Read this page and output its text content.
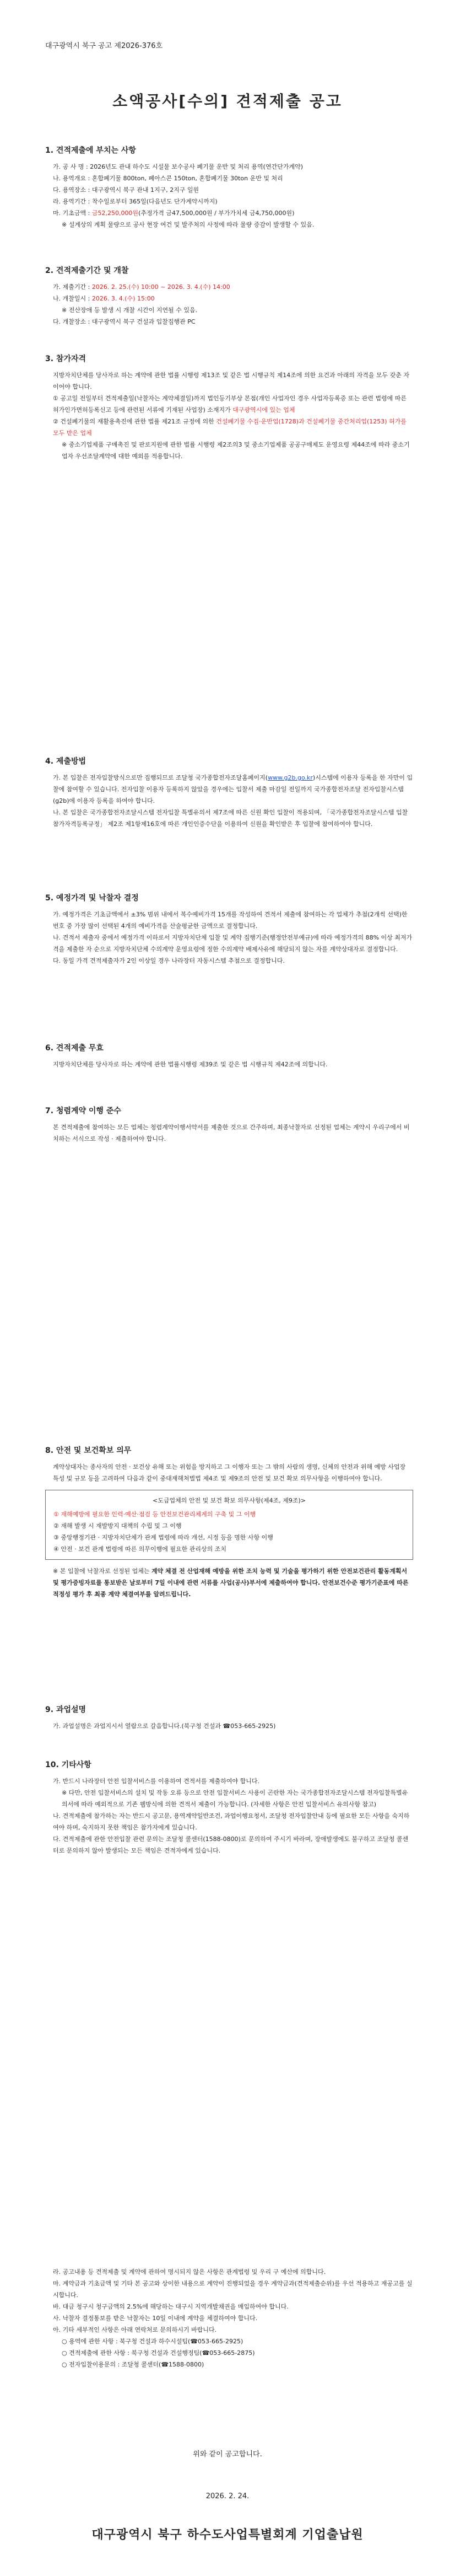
대구광역시 북구 공고 제2026-376호
소액공사[수의] 견적제출 공고
1. 견적제출에 부치는 사항

가. 공 사 명 : 2026년도 관내 하수도 시설물 보수공사 폐기물 운반 및 처리 용역(연간단가계약)

나. 용역개요 : 혼합폐기물 800ton, 폐아스콘 150ton, 혼합폐기물 30ton 운반 및 처리

다. 용역장소 : 대구광역시 북구 관내 1지구, 2지구 일원

라. 용역기간 : 착수일로부터 365일(다음년도 단가계약시까지)

마. 기초금액 : 금52,250,000원(추정가격 금47,500,000원 / 부가가치세 금4,750,000원)

※ 설계상의 계획 물량으로 공사 현장 여건 및 발주처의 사정에 따라 물량 증감이 발생할 수 있음.

2. 견적제출기간 및 개찰

가. 제출기간 : 2026. 2. 25.(수) 10:00 ~ 2026. 3. 4.(수) 14:00

나. 개찰일시 : 2026. 3. 4.(수) 15:00

※ 전산장애 등 발생 시 개찰 시간이 지연될 수 있음.

다. 개찰장소 : 대구광역시 북구 건설과 입찰집행관 PC

3. 참가자격

지방자치단체를 당사자로 하는 계약에 관한 법률 시행령 제13조 및 같은 법 시행규칙 제14조에 의한 요건과 아래의 자격을 모두 갖춘 자이어야 합니다.

① 공고일 전일부터 견적제출일(낙찰자는 계약체결일)까지 법인등기부상 본점(개인 사업자인 경우 사업자등록증 또는 관련 법령에 따른 허가인가면허등록신고 등에 관련된 서류에 기재된 사업장) 소재지가 대구광역시에 있는 업체

② 건설폐기물의 재활용촉진에 관한 법률 제21조 규정에 의한 건설폐기물 수집·운반업(1728)과 건설폐기물 중간처리업(1253) 허가를 모두 받은 업체

※ 중소기업제품 구매촉진 및 판로지원에 관한 법률 시행령 제2조의3 및 중소기업제품 공공구매제도 운영요령 제44조에 따라 중소기업자 우선조달계약에 대한 예외를 적용합니다.

4. 제출방법

가. 본 입찰은 전자입찰방식으로만 집행되므로 조달청 국가종합전자조달홈페이지(www.g2b.go.kr)시스템에 이용자 등록을 한 자만이 입찰에 참여할 수 있습니다. 전자입찰 이용자 등록하지 않았을 경우에는 입찰서 제출 마감일 전일까지 국가종합전자조달 전자입찰시스템(g2b)에 이용자 등록을 하여야 합니다.

나. 본 입찰은 국가종합전자조달시스템 전자입찰 특별유의서 제7조에 따른 신원 확인 입찰이 적용되며, 「국가종합전자조달시스템 입찰참가자격등록규정」 제2조 제1항제16호에 따른 개인인증수단을 이용하여 신원을 확인받은 후 입찰에 참여하여야 합니다.

5. 예정가격 및 낙찰자 결정

가. 예정가격은 기초금액에서 ±3% 범위 내에서 복수예비가격 15개를 작성하여 견적서 제출에 참여하는 각 업체가 추첨(2개씩 선택)한 번호 중 가장 많이 선택된 4개의 예비가격을 산술평균한 금액으로 결정합니다.

나. 견적서 제출자 중에서 예정가격 이하로서 지방자치단체 입찰 및 계약 집행기준(행정안전부예규)에 따라 예정가격의 88% 이상 최저가격을 제출한 자 순으로 지방자치단체 수의계약 운영요령에 정한 수의계약 배제사유에 해당되지 않는 자를 계약상대자로 결정합니다.

다. 동일 가격 견적제출자가 2인 이상일 경우 나라장터 자동시스템 추첨으로 결정합니다.

6. 견적제출 무효

지방자치단체를 당사자로 하는 계약에 관한 법률시행령 제39조 및 같은 법 시행규칙 제42조에 의합니다.

7. 청렴계약 이행 준수

본 견적제출에 참여하는 모든 업체는 청렴계약이행서약서를 제출한 것으로 간주하며, 최종낙찰자로 선정된 업체는 계약시 우리구에서 비치하는 서식으로 작성 · 제출하여야 합니다.

8. 안전 및 보건확보 의무

계약상대자는 종사자의 안전 · 보건상 유해 또는 위험을 방지하고 그 이행자 또는 그 밖의 사람의 생명, 신체의 안전과 위해 예방 사업장 특성 및 규모 등을 고려하여 다음과 같이 중대재해처벌법 제4조 및 제9조의 안전 및 보건 확보 의무사항을 이행하여야 합니다.

<도급업체의 안전 및 보건 확보 의무사항(제4조, 제9조)>

① 재해예방에 필요한 인력·예산·점검 등 안전보건관리체계의 구축 및 그 이행

② 재해 발생 시 재발방지 대책의 수립 및 그 이행

③ 중앙행정기관 · 지방자치단체가 관계 법령에 따라 개선, 시정 등을 명한 사항 이행

④ 안전 · 보건 관계 법령에 따른 의무이행에 필요한 관리상의 조치

※ 본 입찰에 낙찰자로 선정된 업체는 계약 체결 전 산업재해 예방을 위한 조치 능력 및 기술을 평가하기 위한 안전보건관리 활동계획서 및 평가증빙자료를 통보받은 날로부터 7일 이내에 관련 서류를 사업(공사)부서에 제출하여야 합니다. 안전보건수준 평가기준표에 따른 적정성 평가 후 최종 계약 체결여부를 알려드립니다.

9. 과업설명

가. 과업설명은 과업지시서 열람으로 갈음합니다.(북구청 건설과 ☎053-665-2925)

10. 기타사항

가. 반드시 나라장터 안전 입찰서비스를 이용하여 견적서를 제출하여야 합니다.

※ 다만, 안전 입찰서비스의 설치 및 작동 오류 등으로 안전 입찰서비스 사용이 곤란한 자는 국가종합전자조달시스템 전자입찰특별유의서에 따라 예외적으로 기존 웹방식에 의한 견적서 제출이 가능합니다. (자세한 사항은 안전 입찰서비스 유의사항 참고)

나. 견적제출에 참가하는 자는 반드시 공고문, 용역계약일반조건, 과업이행요청서, 조달청 전자입찰안내 등에 필요한 모든 사항을 숙지하여야 하며, 숙지하지 못한 책임은 참가자에게 있습니다.

다. 견적제출에 관한 안전입찰 관련 문의는 조달청 콜센터(1588-0800)로 문의하여 주시기 바라며, 장애발생에도 불구하고 조달청 콜센터로 문의하지 않아 발생되는 모든 책임은 견적자에게 있습니다.

라. 공고내용 등 견적제출 및 계약에 관하여 명시되지 않은 사항은 관계법령 및 우리 구 예산에 의합니다.

마. 계약금과 기초금액 및 기타 본 공고와 상이한 내용으로 계약이 진행되었을 경우 계약금과(견적제출순위)를 우선 적용하고 재공고를 실시합니다.

바. 대금 청구시 청구금액의 2.5%에 해당하는 대구시 지역개발채권을 매입하여야 합니다.

사. 낙찰자 결정통보를 받은 낙찰자는 10일 이내에 계약을 체결하여야 합니다.

아. 기타 세부적인 사항은 아래 연락처로 문의하시기 바랍니다.

○ 용역에 관한 사항 : 북구청 건설과 하수시설팀(☎053-665-2925)

○ 견적제출에 관한 사항 : 북구청 건설과 건설행정팀(☎053-665-2875)

○ 전자입찰이용문의 : 조달청 콜센터(☎1588-0800)

위와 같이 공고합니다.
2026. 2. 24.
대구광역시 북구 하수도사업특별회계 기업출납원
